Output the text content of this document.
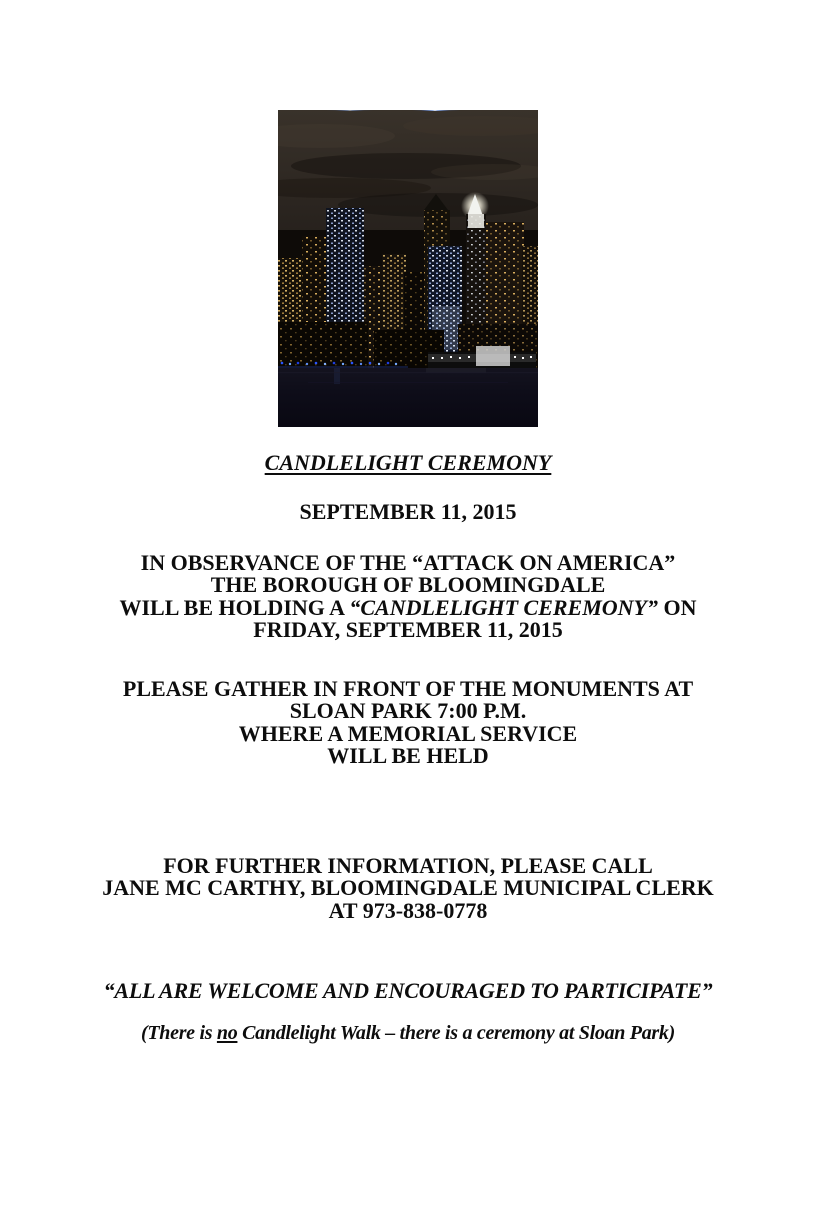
CANDLELIGHT CEREMONY
SEPTEMBER 11, 2015
IN OBSERVANCE OF THE “ATTACK ON AMERICA”
THE BOROUGH OF BLOOMINGDALE
WILL BE HOLDING A “CANDLELIGHT CEREMONY” ON
FRIDAY, SEPTEMBER 11, 2015
PLEASE GATHER IN FRONT OF THE MONUMENTS AT
SLOAN PARK 7:00 P.M.
WHERE A MEMORIAL SERVICE
WILL BE HELD
FOR FURTHER INFORMATION, PLEASE CALL
JANE MC CARTHY, BLOOMINGDALE MUNICIPAL CLERK
AT 973-838-0778
“ALL ARE WELCOME AND ENCOURAGED TO PARTICIPATE”
(There is no Candlelight Walk – there is a ceremony at Sloan Park)
